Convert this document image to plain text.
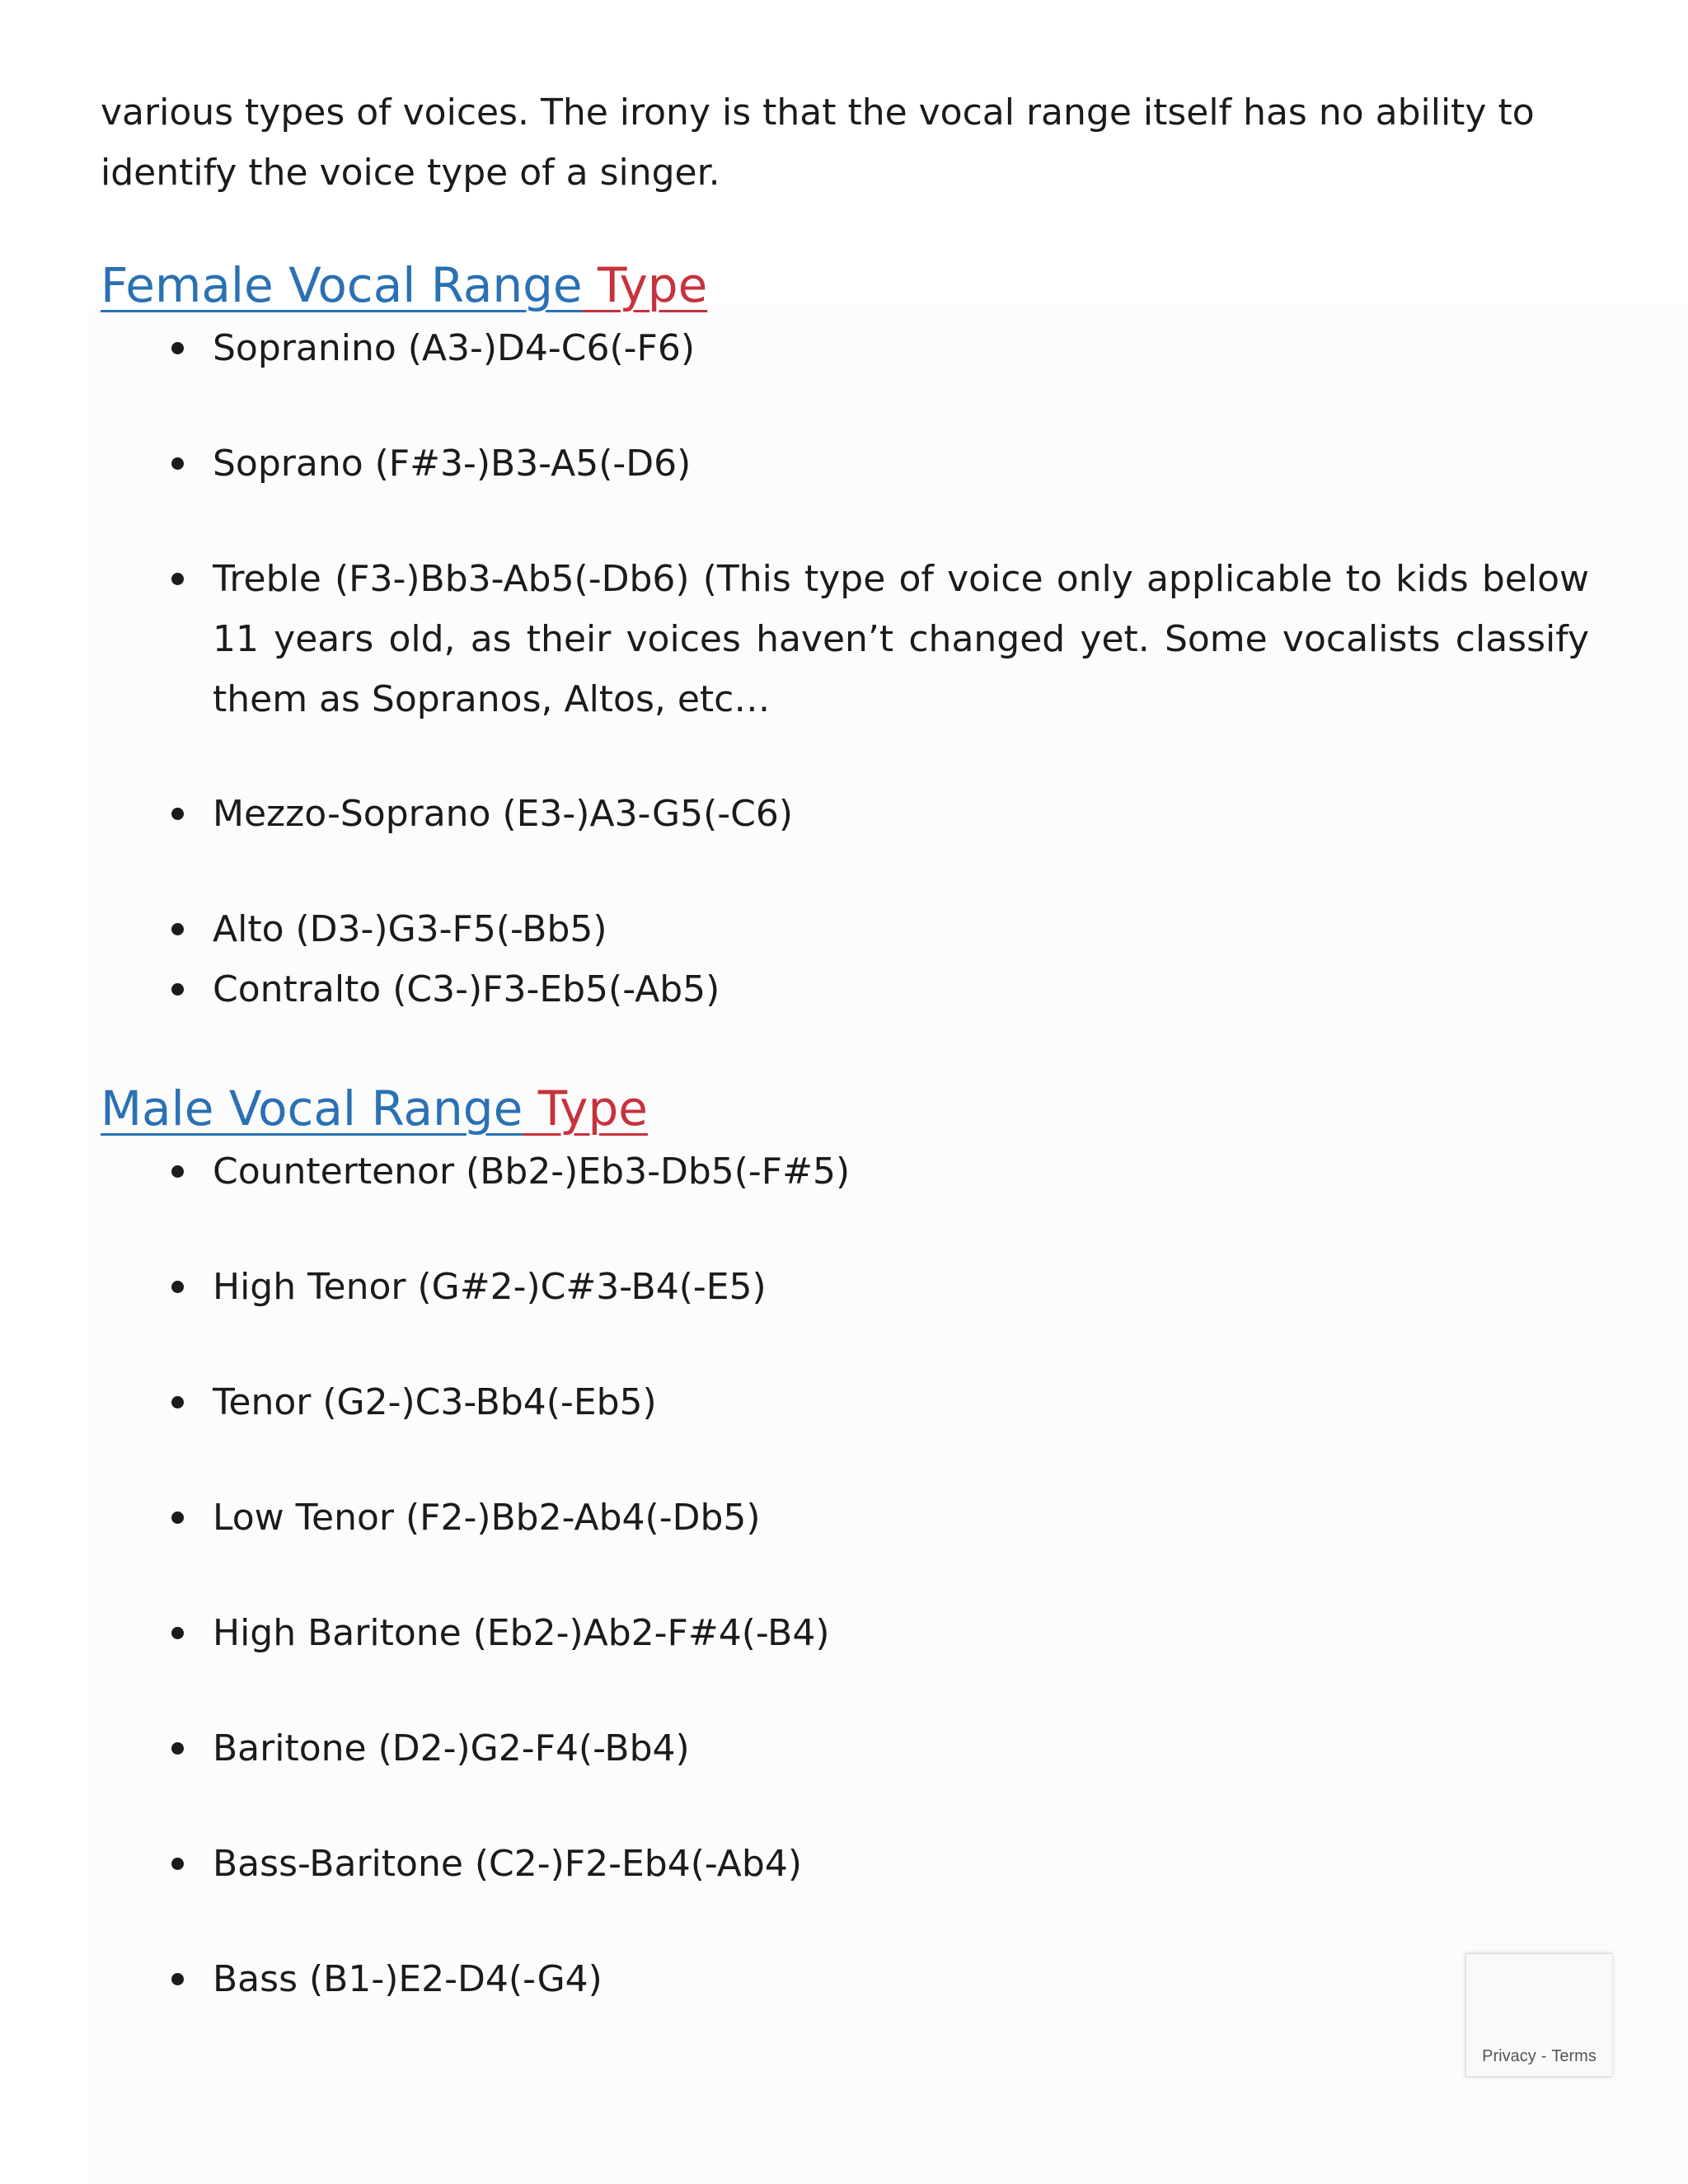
various types of voices. The irony is that the vocal range itself has no ability to identify the voice type of a singer.

Female Vocal Range Type
Sopranino (A3-)D4-C6(-F6)
Soprano (F#3-)B3-A5(-D6)
Treble (F3-)Bb3-Ab5(-Db6) (This type of voice only applicable to kids below 11 years old, as their voices haven’t changed yet. Some vocalists classify them as Sopranos, Altos, etc…
Mezzo-Soprano (E3-)A3-G5(-C6)
Alto (D3-)G3-F5(-Bb5)
Contralto (C3-)F3-Eb5(-Ab5)
Male Vocal Range Type
Countertenor (Bb2-)Eb3-Db5(-F#5)
High Tenor (G#2-)C#3-B4(-E5)
Tenor (G2-)C3-Bb4(-Eb5)
Low Tenor (F2-)Bb2-Ab4(-Db5)
High Baritone (Eb2-)Ab2-F#4(-B4)
Baritone (D2-)G2-F4(-Bb4)
Bass-Baritone (C2-)F2-Eb4(-Ab4)
Bass (B1-)E2-D4(-G4)
Privacy - Terms
